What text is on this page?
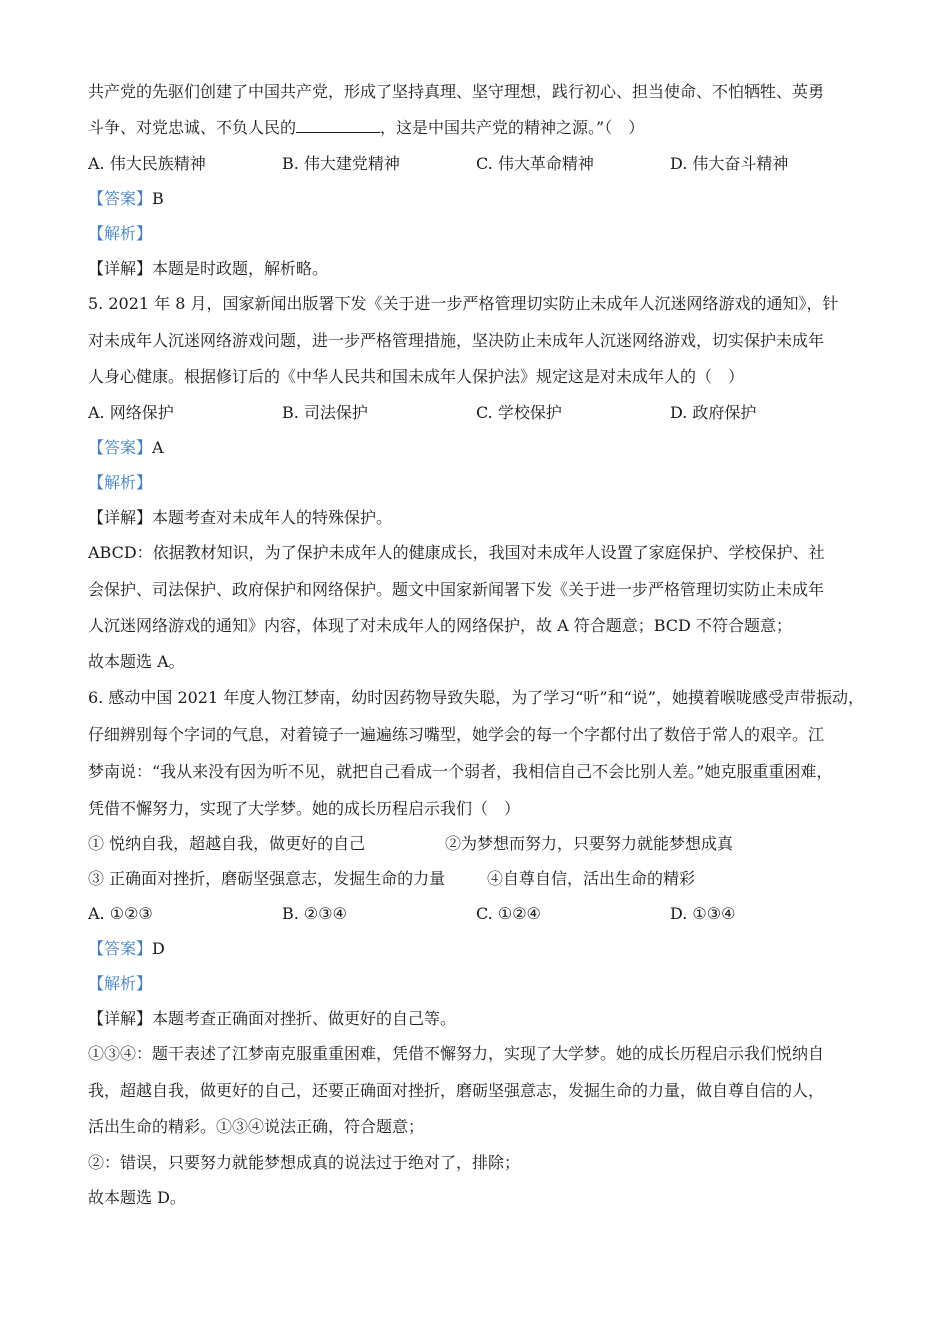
共产党的先驱们创建了中国共产党，形成了坚持真理、坚守理想，践行初心、担当使命、不怕牺牲、英勇
斗争、对党忠诚、不负人民的	，这是中国共产党的精神之源。”（　）
A. 伟大民族精神	B. 伟大建党精神	C. 伟大革命精神	D. 伟大奋斗精神
【答案】B
【解析】
【详解】本题是时政题，解析略。
5. 2021 年 8 月，国家新闻出版署下发《关于进一步严格管理切实防止未成年人沉迷网络游戏的通知》，针
对未成年人沉迷网络游戏问题，进一步严格管理措施，坚决防止未成年人沉迷网络游戏，切实保护未成年
人身心健康。根据修订后的《中华人民共和国未成年人保护法》规定这是对未成年人的（　）
A. 网络保护	B. 司法保护	C. 学校保护	D. 政府保护
【答案】A
【解析】
【详解】本题考查对未成年人的特殊保护。
ABCD：依据教材知识，为了保护未成年人的健康成长，我国对未成年人设置了家庭保护、学校保护、社
会保护、司法保护、政府保护和网络保护。题文中国家新闻署下发《关于进一步严格管理切实防止未成年
人沉迷网络游戏的通知》内容，体现了对未成年人的网络保护，故 A 符合题意；BCD 不符合题意；
故本题选 A。
6. 感动中国 2021 年度人物江梦南，幼时因药物导致失聪，为了学习“听”和“说”，她摸着喉咙感受声带振动，
仔细辨别每个字词的气息，对着镜子一遍遍练习嘴型，她学会的每一个字都付出了数倍于常人的艰辛。江
梦南说：“我从来没有因为听不见，就把自己看成一个弱者，我相信自己不会比别人差。”她克服重重困难，
凭借不懈努力，实现了大学梦。她的成长历程启示我们（　）
① 悦纳自我，超越自我，做更好的自己	②为梦想而努力，只要努力就能梦想成真
③ 正确面对挫折，磨砺坚强意志，发掘生命的力量	④自尊自信，活出生命的精彩
A. ①②③	B. ②③④	C. ①②④	D. ①③④
【答案】D
【解析】
【详解】本题考查正确面对挫折、做更好的自己等。
①③④：题干表述了江梦南克服重重困难，凭借不懈努力，实现了大学梦。她的成长历程启示我们悦纳自
我，超越自我，做更好的自己，还要正确面对挫折，磨砺坚强意志，发掘生命的力量，做自尊自信的人，
活出生命的精彩。①③④说法正确，符合题意；
②：错误，只要努力就能梦想成真的说法过于绝对了，排除；
故本题选 D。
